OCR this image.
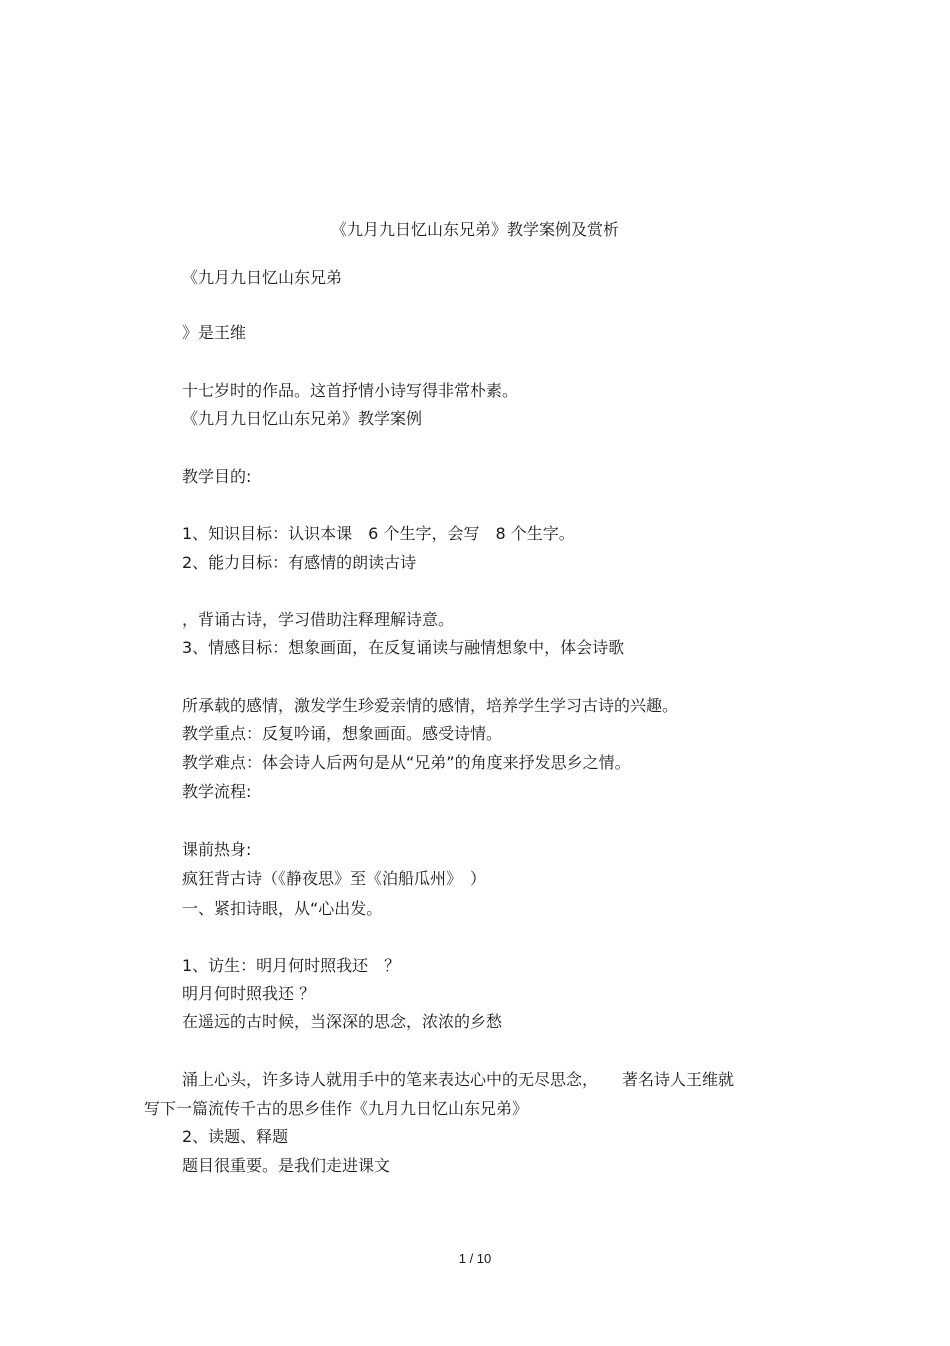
《九月九日忆山东兄弟》教学案例及赏析
《九月九日忆山东兄弟
》是王维
十七岁时的作品。这首抒情小诗写得非常朴素。
《九月九日忆山东兄弟》教学案例
教学目的:
1、知识目标：认识本课　6 个生字，会写　8 个生字。
2、能力目标：有感情的朗读古诗
，背诵古诗，学习借助注释理解诗意。
3、情感目标：想象画面，在反复诵读与融情想象中，体会诗歌
所承载的感情，激发学生珍爱亲情的感情，培养学生学习古诗的兴趣。
教学重点：反复吟诵，想象画面。感受诗情。
教学难点：体会诗人后两句是从“兄弟”的角度来抒发思乡之情。
教学流程:
课前热身:
疯狂背古诗（《静夜思》至《泊船瓜州》　）
一、紧扣诗眼，从“心出发。
1、访生：明月何时照我还　？
明月何时照我还 ？
在遥远的古时候，当深深的思念，浓浓的乡愁
涌上心头，许多诗人就用手中的笔来表达心中的无尽思念，　　著名诗人王维就
写下一篇流传千古的思乡佳作《九月九日忆山东兄弟》
2、读题、释题
题目很重要。是我们走进课文
1 / 10
